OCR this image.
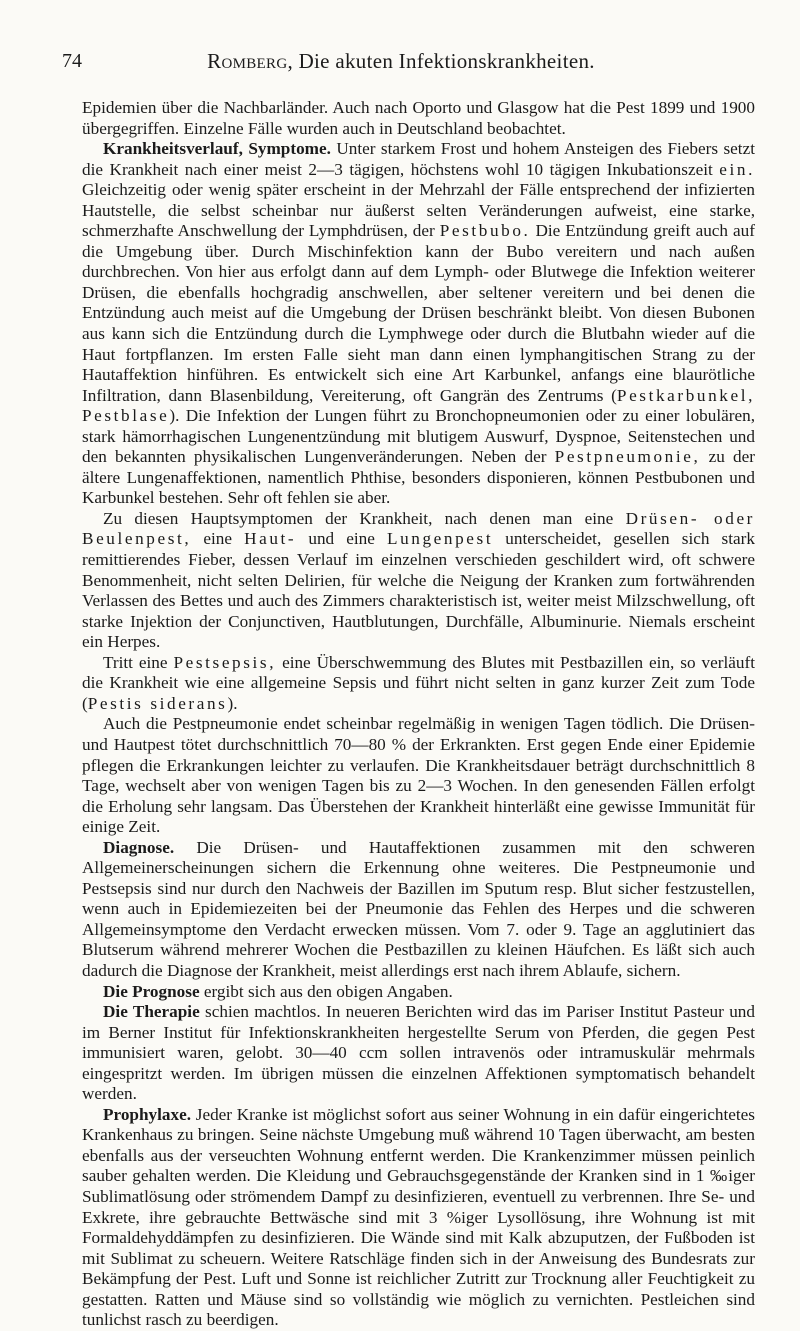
74	Romberg, Die akuten Infektionskrankheiten.

Epidemien über die Nachbarländer. Auch nach Oporto und Glasgow hat die Pest 1899 und 1900 übergegriffen. Einzelne Fälle wurden auch in Deutschland beobachtet.

Krankheitsverlauf, Symptome. Unter starkem Frost und hohem Ansteigen des Fiebers setzt die Krankheit nach einer meist 2—3 tägigen, höchstens wohl 10 tägigen Inkubationszeit ein. Gleichzeitig oder wenig später erscheint in der Mehrzahl der Fälle entsprechend der infizierten Hautstelle, die selbst scheinbar nur äußerst selten Veränderungen aufweist, eine starke, schmerzhafte Anschwellung der Lymphdrüsen, der Pestbubo. Die Entzündung greift auch auf die Umgebung über. Durch Mischinfektion kann der Bubo vereitern und nach außen durchbrechen. Von hier aus erfolgt dann auf dem Lymph- oder Blutwege die Infektion weiterer Drüsen, die ebenfalls hochgradig anschwellen, aber seltener vereitern und bei denen die Entzündung auch meist auf die Umgebung der Drüsen beschränkt bleibt. Von diesen Bubonen aus kann sich die Entzündung durch die Lymphwege oder durch die Blutbahn wieder auf die Haut fortpflanzen. Im ersten Falle sieht man dann einen lymphangitischen Strang zu der Hautaffektion hinführen. Es entwickelt sich eine Art Karbunkel, anfangs eine blaurötliche Infiltration, dann Blasenbildung, Vereiterung, oft Gangrän des Zentrums (Pestkarbunkel, Pestblase). Die Infektion der Lungen führt zu Bronchopneumonien oder zu einer lobulären, stark hämorrhagischen Lungenentzündung mit blutigem Auswurf, Dyspnoe, Seitenstechen und den bekannten physikalischen Lungenveränderungen. Neben der Pestpneumonie, zu der ältere Lungenaffektionen, namentlich Phthise, besonders disponieren, können Pestbubonen und Karbunkel bestehen. Sehr oft fehlen sie aber.

Zu diesen Hauptsymptomen der Krankheit, nach denen man eine Drüsen- oder Beulenpest, eine Haut- und eine Lungenpest unterscheidet, gesellen sich stark remittierendes Fieber, dessen Verlauf im einzelnen verschieden geschildert wird, oft schwere Benommenheit, nicht selten Delirien, für welche die Neigung der Kranken zum fortwährenden Verlassen des Bettes und auch des Zimmers charakteristisch ist, weiter meist Milzschwellung, oft starke Injektion der Conjunctiven, Hautblutungen, Durchfälle, Albuminurie. Niemals erscheint ein Herpes.

Tritt eine Pestsepsis, eine Überschwemmung des Blutes mit Pestbazillen ein, so verläuft die Krankheit wie eine allgemeine Sepsis und führt nicht selten in ganz kurzer Zeit zum Tode (Pestis siderans).

Auch die Pestpneumonie endet scheinbar regelmäßig in wenigen Tagen tödlich. Die Drüsen- und Hautpest tötet durchschnittlich 70—80 % der Erkrankten. Erst gegen Ende einer Epidemie pflegen die Erkrankungen leichter zu verlaufen. Die Krankheitsdauer beträgt durchschnittlich 8 Tage, wechselt aber von wenigen Tagen bis zu 2—3 Wochen. In den genesenden Fällen erfolgt die Erholung sehr langsam. Das Überstehen der Krankheit hinterläßt eine gewisse Immunität für einige Zeit.

Diagnose. Die Drüsen- und Hautaffektionen zusammen mit den schweren Allgemeinerscheinungen sichern die Erkennung ohne weiteres. Die Pestpneumonie und Pestsepsis sind nur durch den Nachweis der Bazillen im Sputum resp. Blut sicher festzustellen, wenn auch in Epidemiezeiten bei der Pneumonie das Fehlen des Herpes und die schweren Allgemeinsymptome den Verdacht erwecken müssen. Vom 7. oder 9. Tage an agglutiniert das Blutserum während mehrerer Wochen die Pestbazillen zu kleinen Häufchen. Es läßt sich auch dadurch die Diagnose der Krankheit, meist allerdings erst nach ihrem Ablaufe, sichern.

Die Prognose ergibt sich aus den obigen Angaben.

Die Therapie schien machtlos. In neueren Berichten wird das im Pariser Institut Pasteur und im Berner Institut für Infektionskrankheiten hergestellte Serum von Pferden, die gegen Pest immunisiert waren, gelobt. 30—40 ccm sollen intravenös oder intramuskulär mehrmals eingespritzt werden. Im übrigen müssen die einzelnen Affektionen symptomatisch behandelt werden.

Prophylaxe. Jeder Kranke ist möglichst sofort aus seiner Wohnung in ein dafür eingerichtetes Krankenhaus zu bringen. Seine nächste Umgebung muß während 10 Tagen überwacht, am besten ebenfalls aus der verseuchten Wohnung entfernt werden. Die Krankenzimmer müssen peinlich sauber gehalten werden. Die Kleidung und Gebrauchsgegenstände der Kranken sind in 1 ‰iger Sublimatlösung oder strömendem Dampf zu desinfizieren, eventuell zu verbrennen. Ihre Se- und Exkrete, ihre gebrauchte Bettwäsche sind mit 3 %iger Lysollösung, ihre Wohnung ist mit Formaldehyddämpfen zu desinfizieren. Die Wände sind mit Kalk abzuputzen, der Fußboden ist mit Sublimat zu scheuern. Weitere Ratschläge finden sich in der Anweisung des Bundesrats zur Bekämpfung der Pest. Luft und Sonne ist reichlicher Zutritt zur Trocknung aller Feuchtigkeit zu gestatten. Ratten und Mäuse sind so vollständig wie möglich zu vernichten. Pestleichen sind tunlichst rasch zu beerdigen.
